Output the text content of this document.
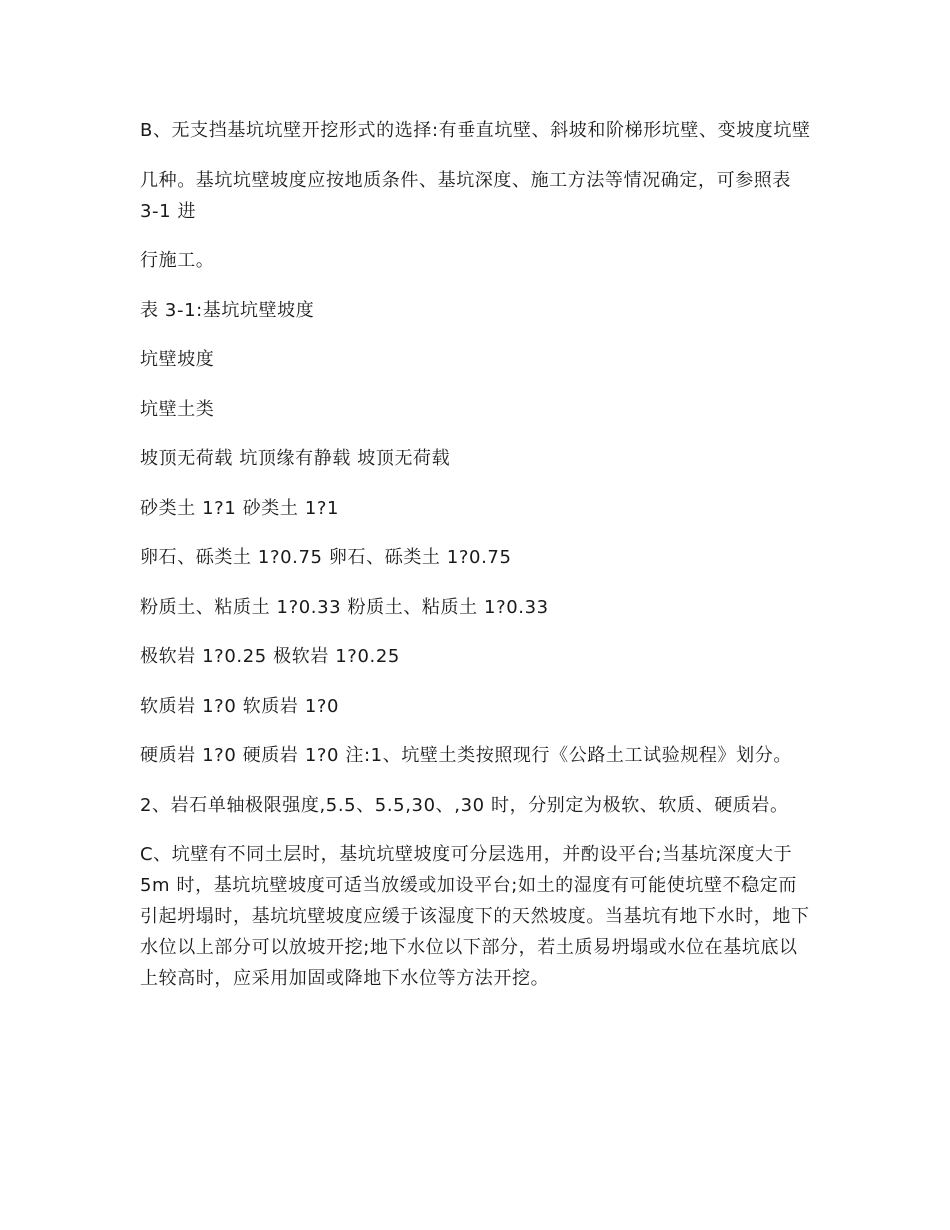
B、无支挡基坑坑壁开挖形式的选择:有垂直坑壁、斜坡和阶梯形坑壁、变坡度坑壁

几种。基坑坑壁坡度应按地质条件、基坑深度、施工方法等情况确定，可参照表 3-1 进

行施工。

表 3-1:基坑坑壁坡度

坑壁坡度

坑壁土类

坡顶无荷载 坑顶缘有静载 坡顶无荷载

砂类土 1?1 砂类土 1?1

卵石、砾类土 1?0.75 卵石、砾类土 1?0.75

粉质土、粘质土 1?0.33 粉质土、粘质土 1?0.33

极软岩 1?0.25 极软岩 1?0.25

软质岩 1?0 软质岩 1?0

硬质岩 1?0 硬质岩 1?0 注:1、坑壁土类按照现行《公路土工试验规程》划分。

2、岩石单轴极限强度,5.5、5.5,30、,30 时，分别定为极软、软质、硬质岩。

C、坑壁有不同土层时，基坑坑壁坡度可分层选用，并酌设平台;当基坑深度大于 5m 时，基坑坑壁坡度可适当放缓或加设平台;如土的湿度有可能使坑壁不稳定而引起坍塌时，基坑坑壁坡度应缓于该湿度下的天然坡度。当基坑有地下水时，地下水位以上部分可以放坡开挖;地下水位以下部分，若土质易坍塌或水位在基坑底以上较高时，应采用加固或降地下水位等方法开挖。
